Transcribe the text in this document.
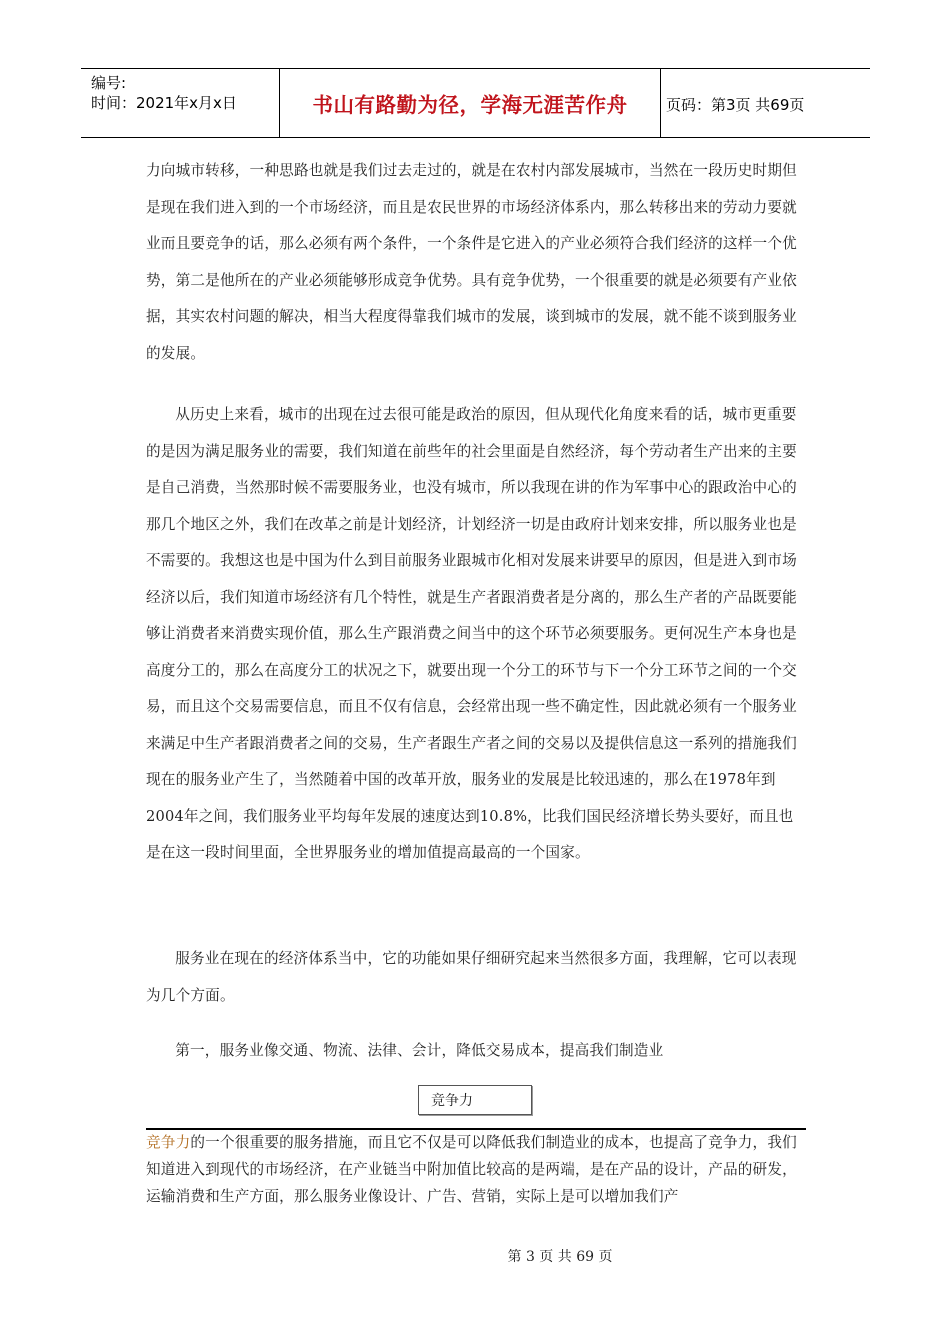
编号:
时间：2021年x月x日	书山有路勤为径，学海无涯苦作舟	页码：第3页 共69页

力向城市转移，一种思路也就是我们过去走过的，就是在农村内部发展城市，当然在一段历史时期但是现在我们进入到的一个市场经济，而且是农民世界的市场经济体系内，那么转移出来的劳动力要就业而且要竞争的话，那么必须有两个条件，一个条件是它进入的产业必须符合我们经济的这样一个优势，第二是他所在的产业必须能够形成竞争优势。具有竞争优势，一个很重要的就是必须要有产业依据，其实农村问题的解决，相当大程度得靠我们城市的发展，谈到城市的发展，就不能不谈到服务业的发展。

从历史上来看，城市的出现在过去很可能是政治的原因，但从现代化角度来看的话，城市更重要的是因为满足服务业的需要，我们知道在前些年的社会里面是自然经济，每个劳动者生产出来的主要是自己消费，当然那时候不需要服务业，也没有城市，所以我现在讲的作为军事中心的跟政治中心的那几个地区之外，我们在改革之前是计划经济，计划经济一切是由政府计划来安排，所以服务业也是不需要的。我想这也是中国为什么到目前服务业跟城市化相对发展来讲要早的原因，但是进入到市场经济以后，我们知道市场经济有几个特性，就是生产者跟消费者是分离的，那么生产者的产品既要能够让消费者来消费实现价值，那么生产跟消费之间当中的这个环节必须要服务。更何况生产本身也是高度分工的，那么在高度分工的状况之下，就要出现一个分工的环节与下一个分工环节之间的一个交易，而且这个交易需要信息，而且不仅有信息，会经常出现一些不确定性，因此就必须有一个服务业来满足中生产者跟消费者之间的交易，生产者跟生产者之间的交易以及提供信息这一系列的措施我们现在的服务业产生了，当然随着中国的改革开放，服务业的发展是比较迅速的，那么在1978年到2004年之间，我们服务业平均每年发展的速度达到10.8%，比我们国民经济增长势头要好，而且也是在这一段时间里面，全世界服务业的增加值提高最高的一个国家。

服务业在现在的经济体系当中，它的功能如果仔细研究起来当然很多方面，我理解，它可以表现为几个方面。

第一，服务业像交通、物流、法律、会计，降低交易成本，提高我们制造业

竞争力

竞争力的一个很重要的服务措施，而且它不仅是可以降低我们制造业的成本，也提高了竞争力，我们知道进入到现代的市场经济，在产业链当中附加值比较高的是两端，是在产品的设计，产品的研发，运输消费和生产方面，那么服务业像设计、广告、营销，实际上是可以增加我们产

第 3 页 共 69 页
